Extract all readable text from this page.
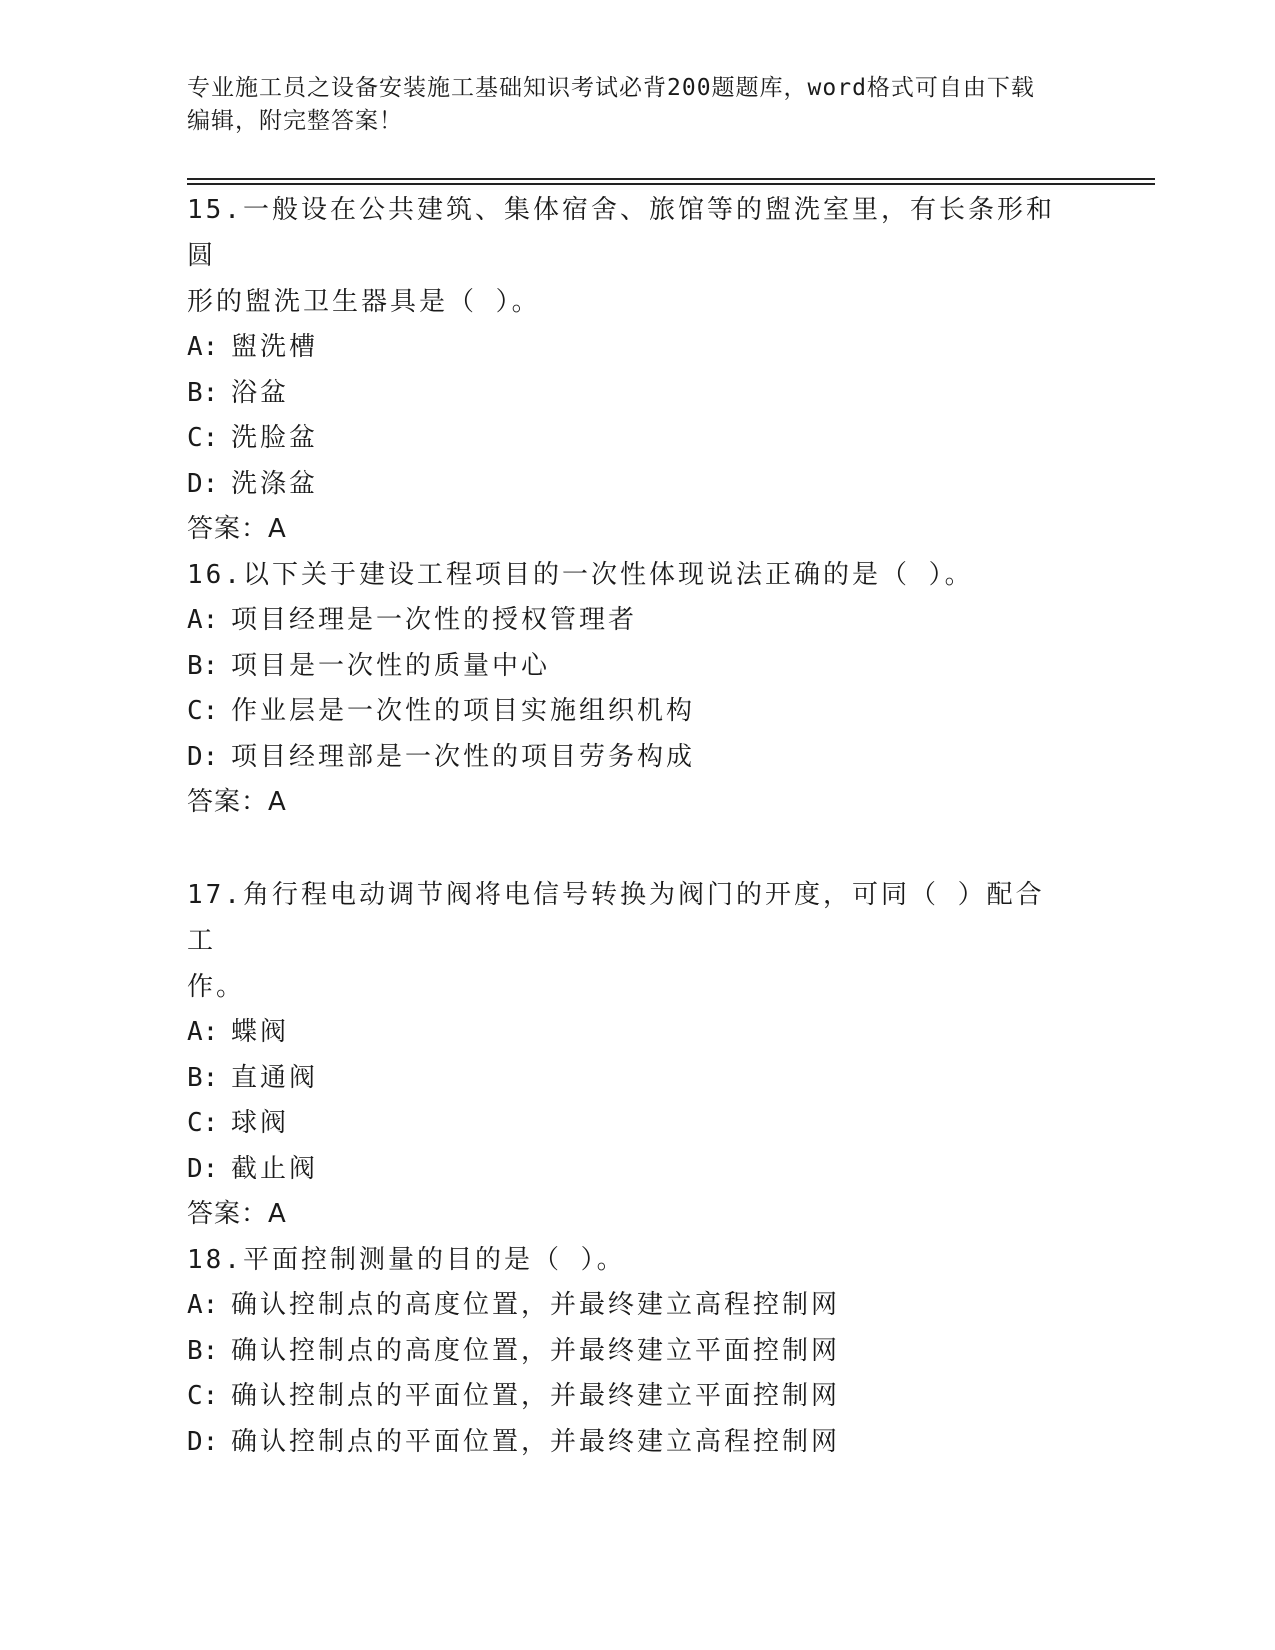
专业施工员之设备安装施工基础知识考试必背200题题库，word格式可自由下载
编辑，附完整答案！

15.一般设在公共建筑、集体宿舍、旅馆等的盥洗室里，有长条形和圆

形的盥洗卫生器具是（ ）。

A: 盥洗槽

B: 浴盆

C: 洗脸盆

D: 洗涤盆

答案：A

16.以下关于建设工程项目的一次性体现说法正确的是（ ）。

A: 项目经理是一次性的授权管理者

B: 项目是一次性的质量中心

C: 作业层是一次性的项目实施组织机构

D: 项目经理部是一次性的项目劳务构成

答案：A

17.角行程电动调节阀将电信号转换为阀门的开度，可同（ ）配合工

作。

A: 蝶阀

B: 直通阀

C: 球阀

D: 截止阀

答案：A

18.平面控制测量的目的是（ ）。

A: 确认控制点的高度位置，并最终建立高程控制网

B: 确认控制点的高度位置，并最终建立平面控制网

C: 确认控制点的平面位置，并最终建立平面控制网

D: 确认控制点的平面位置，并最终建立高程控制网
